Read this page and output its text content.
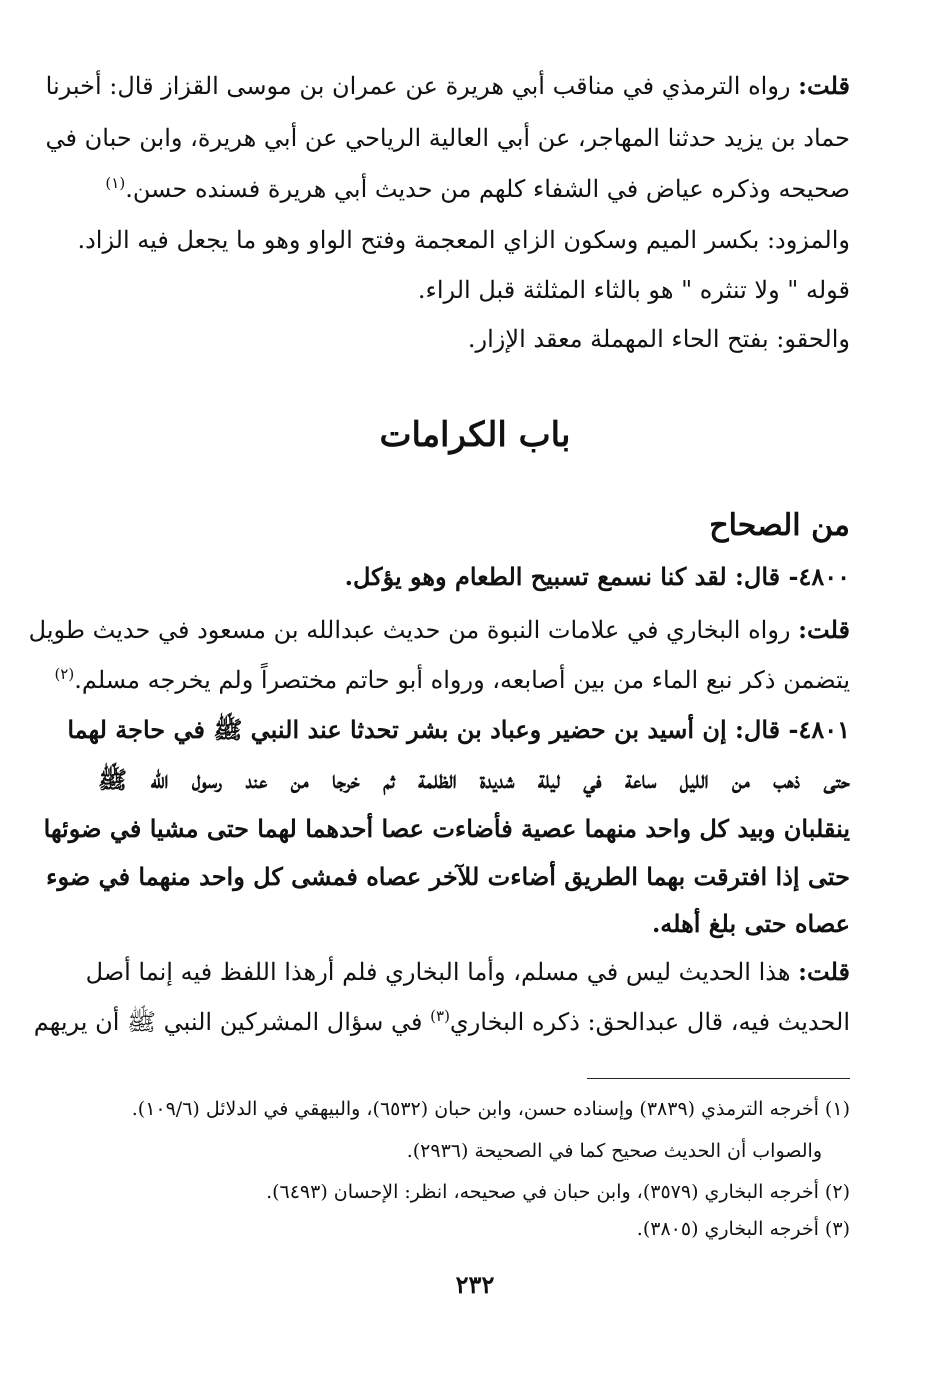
قلت: رواه الترمذي في مناقب أبي هريرة عن عمران بن موسى القزاز قال: أخبرنا

حماد بن يزيد حدثنا المهاجر، عن أبي العالية الرياحي عن أبي هريرة، وابن حبان في

صحيحه وذكره عياض في الشفاء كلهم من حديث أبي هريرة فسنده حسن.$^{(١)}$

والمزود: بكسر الميم وسكون الزاي المعجمة وفتح الواو وهو ما يجعل فيه الزاد.

قوله " ولا تنثره " هو بالثاء المثلثة قبل الراء.

والحقو: بفتح الحاء المهملة معقد الإزار.

باب الكرامات
من الصحاح

٤٨٠٠- قال: لقد كنا نسمع تسبيح الطعام وهو يؤكل.

قلت: رواه البخاري في علامات النبوة من حديث عبدالله بن مسعود في حديث طويل

يتضمن ذكر نبع الماء من بين أصابعه، ورواه أبو حاتم مختصراً ولم يخرجه مسلم.$^{(٢)}$

٤٨٠١- قال: إن أسيد بن حضير وعباد بن بشر تحدثا عند النبي ﷺ في حاجة لهما

حتى ذهب من الليل ساعة في ليلة شديدة الظلمة ثم خرجا من عند رسول الله ﷺ

ينقلبان وبيد كل واحد منهما عصية فأضاءت عصا أحدهما لهما حتى مشيا في ضوئها

حتى إذا افترقت بهما الطريق أضاءت للآخر عصاه فمشى كل واحد منهما في ضوء

عصاه حتى بلغ أهله.

قلت: هذا الحديث ليس في مسلم، وأما البخاري فلم أرهذا اللفظ فيه إنما أصل

الحديث فيه، قال عبدالحق: ذكره البخاري$^{(٣)}$ في سؤال المشركين النبي ﷺ أن يريهم

(١) أخرجه الترمذي (٣٨٣٩) وإسناده حسن، وابن حبان (٦٥٣٢)، والبيهقي في الدلائل (١٠٩/٦).

والصواب أن الحديث صحيح كما في الصحيحة (٢٩٣٦).

(٢) أخرجه البخاري (٣٥٧٩)، وابن حبان في صحيحه، انظر: الإحسان (٦٤٩٣).

(٣) أخرجه البخاري (٣٨٠٥).

٢٣٢
